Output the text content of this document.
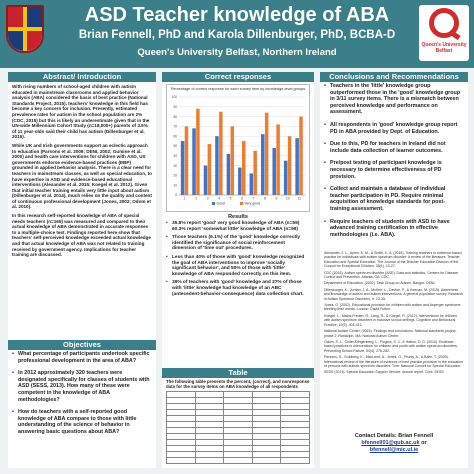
ASD Teacher knowledge of ABA
Brian Fennell, PhD and Karola Dillenburger, PhD, BCBA-D
Queen's University Belfast, Northern Ireland
Queen's University Belfast
Abstract/ Introduction

With rising numbers of school-aged children with autism educated in mainstream classrooms and applied behavior analysis (ABA) considered the basis of best practice (National Standards Project, 2015), teachers' knowledge in this field has become a key concern for inclusion. Presently, estimated prevalence rates for autism in the school population are 2% (CDC, 2015) but this is likely an underestimate given that in the UN-wide Millennium Cohort Study (n=18,000+) parents of 3.5% of 11 year-olds said their child has autism (Dillenburger et al. 2015).

While UK and Irish governments support an eclectic approach to education (Parsons et al. 2009; DENI, 2002; Gumine et al. 2000) and health care interventions for children with ASD, US governments endorse evidence-based practices (EBP) grounded in applied behavior analysis. There is a clear need for teachers in mainstream classes, as well as special education, to have expertise in ASD and evidence-based educational interventions (Alexander et al. 2015; Koegel et al. 2012). Given that initial teacher training entails very little input about autism (Dillenburger et al. 2014), much relies on the quality and content of continuous professional development (Jones, 2002; Odom et al. 2010).

In this research self-reported knowledge of ABA of special needs teachers (n=165) was measured and compared to their actual knowledge of ABA demonstrated in accurate responses to a multiple-choice test. Findings reported here show that teachers' self-perceived knowledge exceeded actual knowledge and that actual knowledge of ABA was not related to training received by government agency. Implications for teacher training are discussed.

Objectives
• What percentage of participants undertook specific professional development in the area of ABA?
• In 2012 approximately 320 teachers were designated specifically for classes of students with ASD (SESS, 2013). How many of these were competent in the knowledge of ABA methodologies?
• How do teachers with a self-reported good knowledge of ABA compare to those with little understanding of the science of behavior in answering basic questions about ABA?
Correct responses
Percentage of correct response for each survey item by knowledge-level groups
0
10
20
30
40
50
60
70
80
90
100
1	2	3	4	5	6	7	8	9	10	11
Good	Very good
Results
• 35.8% report 'good' very good knowledge of ABA (n=59) 60.3% report 'somewhat little' knowledge of ABA (n=99)
• Those teachers (6.1%) of the 'good' knowledge correctly identified the significance of social reinforcement dimension of 'time out' procedures.
• Less than 40% of those with 'good' knowledge recognized the goal of ABA interventions to improve 'socially significant behavior', and 50% of those with 'little' knowledge of ABA responded correctly on this item.
• 39% of teachers with 'good' knowledge and 27% of those with 'little' knowledge had knowledge of an ABC (antecedent-behavior-consequence) data collection chart.
Table
The following table presents the percent, (correct), and nonresponse data for the survey items on ABA knowledge of all respondents

Conclusions and Recommendations
• Teachers in the 'little' knowledge group outperformed those in the 'good' knowledge group in 3/11 survey items. There is a mismatch between perceived knowledge and performance on assessment.
• All respondents in 'good' knowledge group report PD in ABA provided by Dept. of Education.
• Due to this, PD for teachers in Ireland did not include data collection of learner outcomes.
• Pre/post testing of participant knowledge is necessary to determine effectiveness of PD provision.
• Collect and maintain a database of individual teacher participation in PD. Require minimal acquisition of knowledge standards for post-training assessment.
• Require teachers of students with ASD to have advanced training certification in effective methodologies (i.e. ABA).

Alexander, J. L., Ayres, K. M., & Smith, K. A. (2015). Training teachers in evidence-based practice for individuals with autism spectrum disorder: A review of the literature. Teacher Education and Special Education: The Journal of the Teacher Education Division of the Council for Exceptional Children, 38(1), 13-27.

CDC (2015). Autism spectrum disorder (ASD): Data and statistics. Centers for Disease Control and Prevention. Atlanta, GA: CDC.

Department of Education. (2002). Task Group on Autism. Bangor: DENI.

Dillenburger, K., Jordan, J. A., McKerr, L., Devine, P., & Keenan, M. (2015). Awareness and knowledge of autism and autism interventions: A general population survey. Research in Autism Spectrum Disorders, 9, 23-35.

Jones, G. (2002). Educational provision for children with autism and Asperger syndrome: Meeting their needs. London: David Fulton.

Koegel, L., Matos-Freden, R., Lang, R., & Koegel, R. (2012). Interventions for children with autism spectrum disorders in inclusive school settings. Cognitive and Behavioral Practice, 19(3), 401-412.

National Autism Center. (2015). Findings and conclusions: National standards project, phase 2. Randolph, MA: National Autism Center.

Odom, S. L., Collet-Klingenberg, L., Rogers, S. J., & Hatton, D. D. (2010). Evidence-based practices in interventions for children and youth with autism spectrum disorders. Preventing School Failure, 54(4), 275-282.

Parsons, S., Guldberg, K., MacLeod, A., Jones, G., Prunty, A., & Balfe, T. (2009). International review of the literature of evidence of best practice provision in the education of persons with autistic spectrum disorders. Trim: National Council for Special Education.

SESS (2013). Special Education Support Service. Annual report. Cork: SESS.

Contact Details: Brian Fennell
bfennell01@qub.ac.uk or
bfennell@mic.ul.ie
